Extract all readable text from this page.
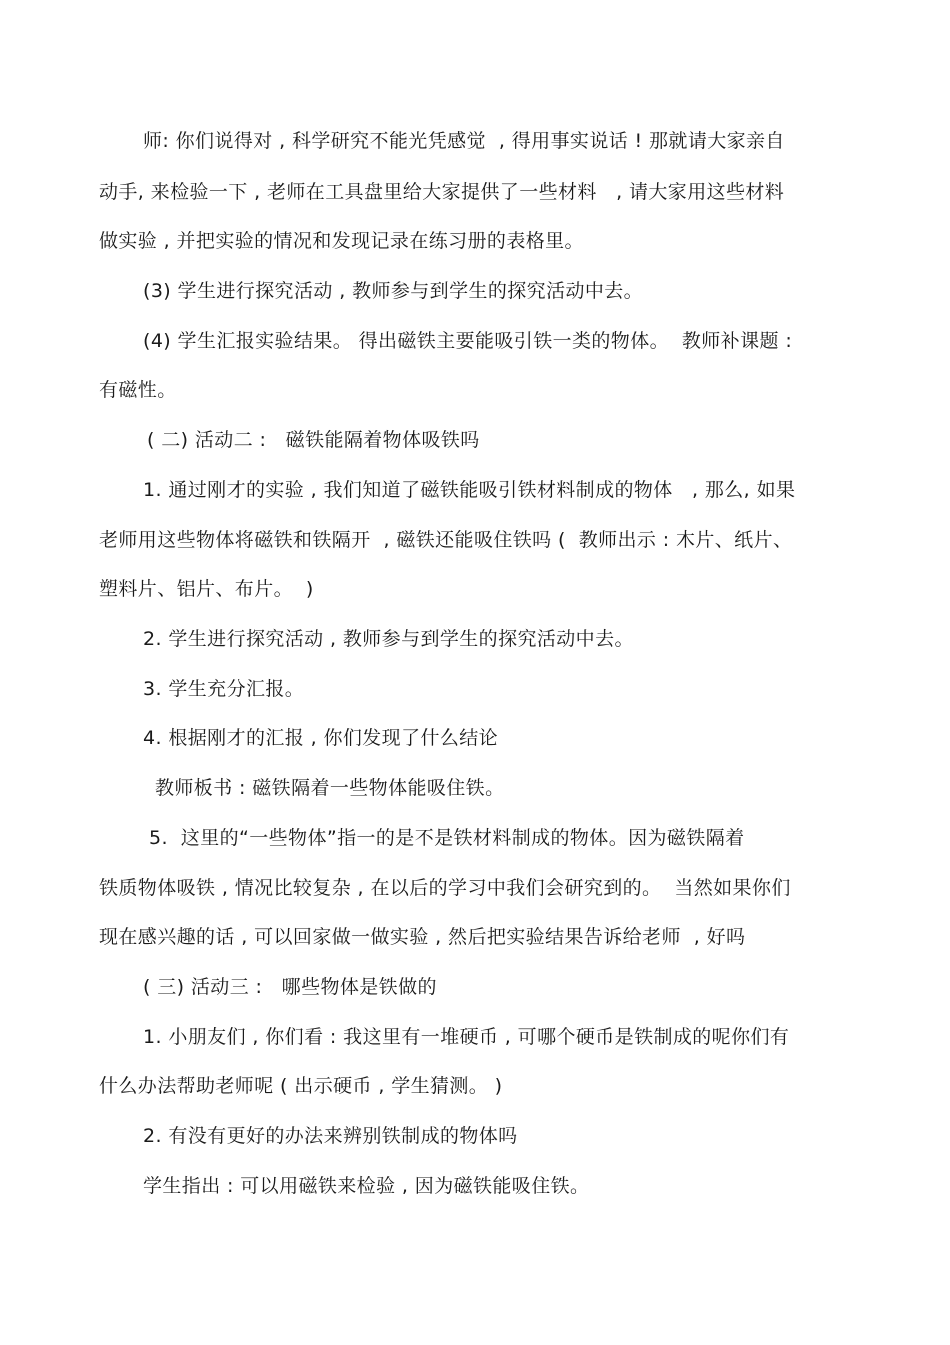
师: 你们说得对 , 科学研究不能光凭感觉  , 得用事实说话 ! 那就请大家亲自
动手, 来检验一下 , 老师在工具盘里给大家提供了一些材料   , 请大家用这些材料
做实验 , 并把实验的情况和发现记录在练习册的表格里。
(3) 学生进行探究活动 , 教师参与到学生的探究活动中去。
(4) 学生汇报实验结果。 得出磁铁主要能吸引铁一类的物体。  教师补课题 :
有磁性。
( 二) 活动二 :   磁铁能隔着物体吸铁吗
1. 通过刚才的实验 , 我们知道了磁铁能吸引铁材料制成的物体   , 那么, 如果
老师用这些物体将磁铁和铁隔开  , 磁铁还能吸住铁吗 (  教师出示 : 木片、纸片、
塑料片、铝片、布片。  )
2. 学生进行探究活动 , 教师参与到学生的探究活动中去。
3. 学生充分汇报。
4. 根据刚才的汇报 , 你们发现了什么结论
教师板书 : 磁铁隔着一些物体能吸住铁。
5.  这里的“一些物体”指一的是不是铁材料制成的物体。因为磁铁隔着
铁质物体吸铁 , 情况比较复杂 , 在以后的学习中我们会研究到的。  当然如果你们
现在感兴趣的话 , 可以回家做一做实验 , 然后把实验结果告诉给老师  , 好吗
( 三) 活动三 :   哪些物体是铁做的
1. 小朋友们 , 你们看 : 我这里有一堆硬币 , 可哪个硬币是铁制成的呢你们有
什么办法帮助老师呢 ( 出示硬币 , 学生猜测。 )
2. 有没有更好的办法来辨别铁制成的物体吗
学生指出 : 可以用磁铁来检验 , 因为磁铁能吸住铁。
